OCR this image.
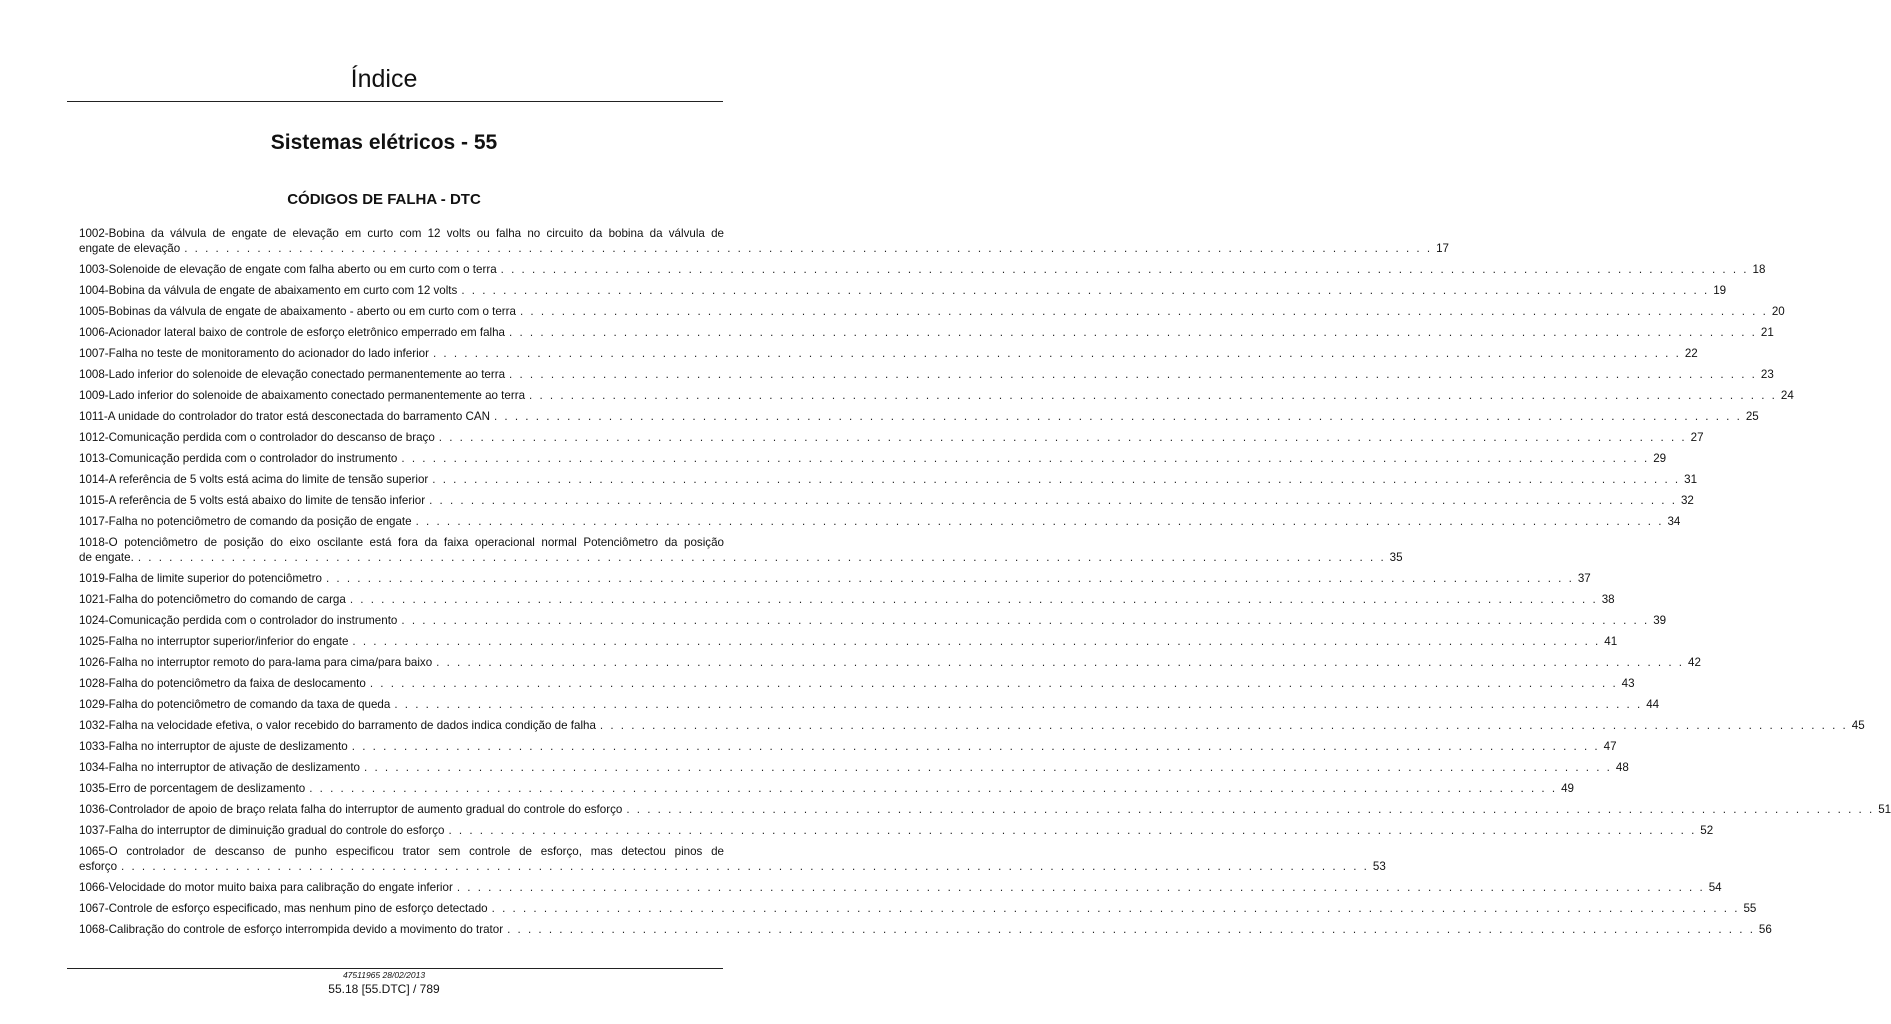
Índice
Sistemas elétricos - 55
CÓDIGOS DE FALHA - DTC
1002-Bobina da válvula de engate de elevação em curto com 12 volts ou falha no circuito da bobina da válvula de
engate de elevação . . .	17
1003-Solenoide de elevação de engate com falha aberto ou em curto com o terra . . .	18
1004-Bobina da válvula de engate de abaixamento em curto com 12 volts . . .	19
1005-Bobinas da válvula de engate de abaixamento - aberto ou em curto com o terra . . .	20
1006-Acionador lateral baixo de controle de esforço eletrônico emperrado em falha . . .	21
1007-Falha no teste de monitoramento do acionador do lado inferior . . .	22
1008-Lado inferior do solenoide de elevação conectado permanentemente ao terra . . .	23
1009-Lado inferior do solenoide de abaixamento conectado permanentemente ao terra . . .	24
1011-A unidade do controlador do trator está desconectada do barramento CAN . . .	25
1012-Comunicação perdida com o controlador do descanso de braço . . .	27
1013-Comunicação perdida com o controlador do instrumento . . .	29
1014-A referência de 5 volts está acima do limite de tensão superior . . .	31
1015-A referência de 5 volts está abaixo do limite de tensão inferior . . .	32
1017-Falha no potenciômetro de comando da posição de engate . . .	34
1018-O potenciômetro de posição do eixo oscilante está fora da faixa operacional normal Potenciômetro da posição
de engate. . . .	35
1019-Falha de limite superior do potenciômetro . . .	37
1021-Falha do potenciômetro do comando de carga . . .	38
1024-Comunicação perdida com o controlador do instrumento . . .	39
1025-Falha no interruptor superior/inferior do engate . . .	41
1026-Falha no interruptor remoto do para-lama para cima/para baixo . . .	42
1028-Falha do potenciômetro da faixa de deslocamento . . .	43
1029-Falha do potenciômetro de comando da taxa de queda . . .	44
1032-Falha na velocidade efetiva, o valor recebido do barramento de dados indica condição de falha . . .	45
1033-Falha no interruptor de ajuste de deslizamento . . .	47
1034-Falha no interruptor de ativação de deslizamento . . .	48
1035-Erro de porcentagem de deslizamento . . .	49
1036-Controlador de apoio de braço relata falha do interruptor de aumento gradual do controle do esforço . . .	51
1037-Falha do interruptor de diminuição gradual do controle do esforço . . .	52
1065-O controlador de descanso de punho especificou trator sem controle de esforço, mas detectou pinos de
esforço . . .	53
1066-Velocidade do motor muito baixa para calibração do engate inferior . . .	54
1067-Controle de esforço especificado, mas nenhum pino de esforço detectado . . .	55
1068-Calibração do controle de esforço interrompida devido a movimento do trator . . .	56
47511965 28/02/2013
55.18 [55.DTC] / 789
